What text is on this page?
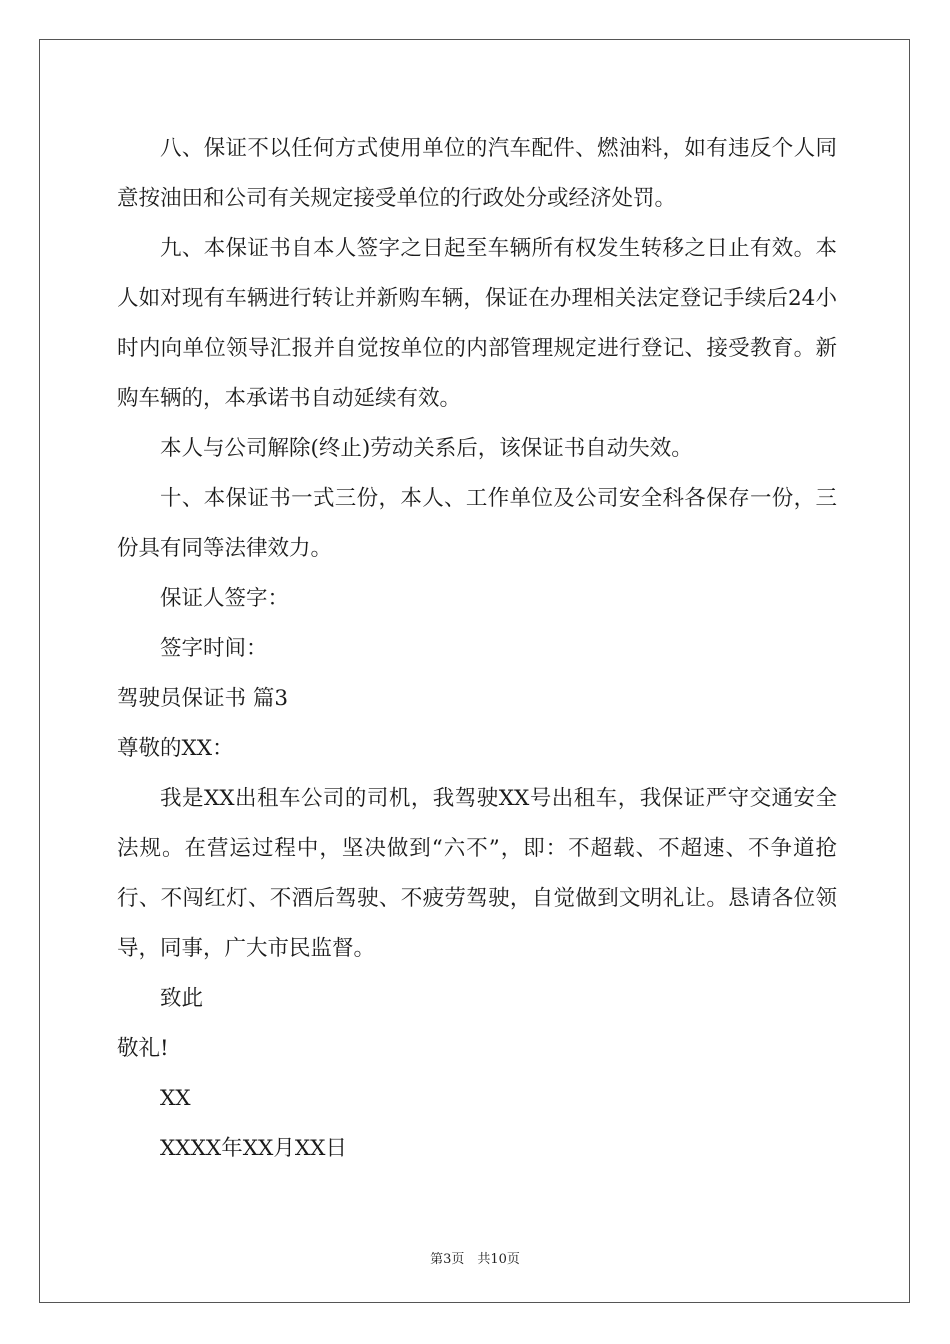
八、保证不以任何方式使用单位的汽车配件、燃油料，如有违反个人同意按油田和公司有关规定接受单位的行政处分或经济处罚。

九、本保证书自本人签字之日起至车辆所有权发生转移之日止有效。本人如对现有车辆进行转让并新购车辆，保证在办理相关法定登记手续后24小时内向单位领导汇报并自觉按单位的内部管理规定进行登记、接受教育。新购车辆的，本承诺书自动延续有效。

本人与公司解除(终止)劳动关系后，该保证书自动失效。

十、本保证书一式三份，本人、工作单位及公司安全科各保存一份，三份具有同等法律效力。

保证人签字：

签字时间：

驾驶员保证书 篇3

尊敬的XX：

我是XX出租车公司的司机，我驾驶XX号出租车，我保证严守交通安全法规。在营运过程中，坚决做到“六不”，即：不超载、不超速、不争道抢行、不闯红灯、不酒后驾驶、不疲劳驾驶，自觉做到文明礼让。恳请各位领导，同事，广大市民监督。

致此

敬礼!

XX

XXXX年XX月XX日

第3页　共10页
